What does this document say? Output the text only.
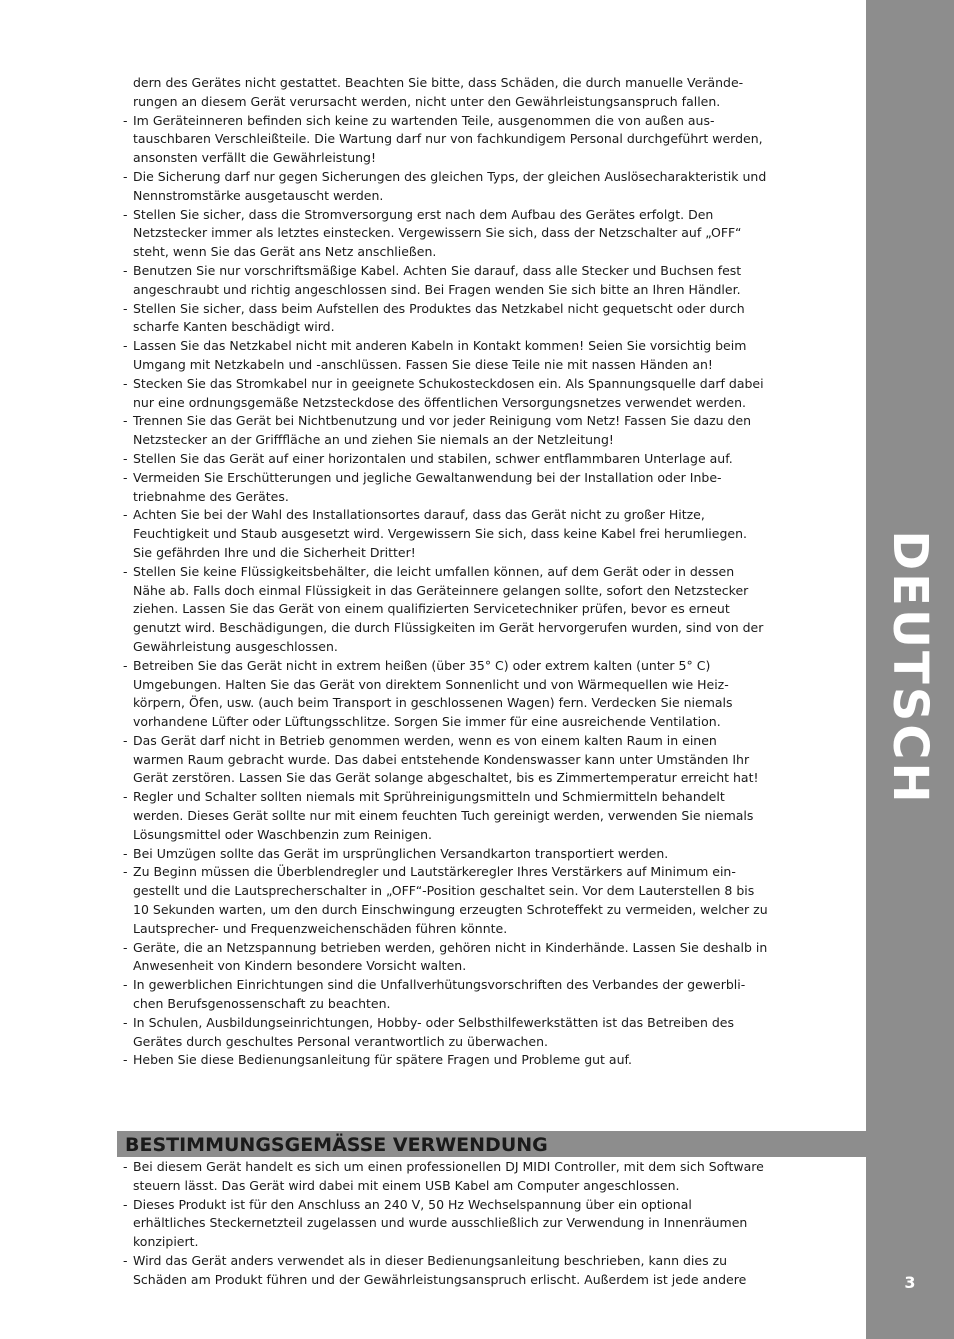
DEUTSCH
3
dern des Gerätes nicht gestattet. Beachten Sie bitte, dass Schäden, die durch manuelle Veränderungen an diesem Gerät verursacht werden, nicht unter den Gewährleistungsanspruch fallen.
- Im Geräteinneren befinden sich keine zu wartenden Teile, ausgenommen die von außen austauschbaren Verschleißteile. Die Wartung darf nur von fachkundigem Personal durchgeführt werden, ansonsten verfällt die Gewährleistung!
- Die Sicherung darf nur gegen Sicherungen des gleichen Typs, der gleichen Auslösecharakteristik und Nennstromstärke ausgetauscht werden.
- Stellen Sie sicher, dass die Stromversorgung erst nach dem Aufbau des Gerätes erfolgt. Den Netzstecker immer als letztes einstecken. Vergewissern Sie sich, dass der Netzschalter auf „OFF“ steht, wenn Sie das Gerät ans Netz anschließen.
- Benutzen Sie nur vorschriftsmäßige Kabel. Achten Sie darauf, dass alle Stecker und Buchsen fest angeschraubt und richtig angeschlossen sind. Bei Fragen wenden Sie sich bitte an Ihren Händler.
- Stellen Sie sicher, dass beim Aufstellen des Produktes das Netzkabel nicht gequetscht oder durch scharfe Kanten beschädigt wird.
- Lassen Sie das Netzkabel nicht mit anderen Kabeln in Kontakt kommen! Seien Sie vorsichtig beim Umgang mit Netzkabeln und -anschlüssen. Fassen Sie diese Teile nie mit nassen Händen an!
- Stecken Sie das Stromkabel nur in geeignete Schukosteckdosen ein. Als Spannungsquelle darf dabei nur eine ordnungsgemäße Netzsteckdose des öffentlichen Versorgungsnetzes verwendet werden.
- Trennen Sie das Gerät bei Nichtbenutzung und vor jeder Reinigung vom Netz! Fassen Sie dazu den Netzstecker an der Grifffläche an und ziehen Sie niemals an der Netzleitung!
- Stellen Sie das Gerät auf einer horizontalen und stabilen, schwer entflammbaren Unterlage auf.
- Vermeiden Sie Erschütterungen und jegliche Gewaltanwendung bei der Installation oder Inbetriebnahme des Gerätes.
- Achten Sie bei der Wahl des Installationsortes darauf, dass das Gerät nicht zu großer Hitze, Feuchtigkeit und Staub ausgesetzt wird. Vergewissern Sie sich, dass keine Kabel frei herumliegen. Sie gefährden Ihre und die Sicherheit Dritter!
- Stellen Sie keine Flüssigkeitsbehälter, die leicht umfallen können, auf dem Gerät oder in dessen Nähe ab. Falls doch einmal Flüssigkeit in das Geräteinnere gelangen sollte, sofort den Netzstecker ziehen. Lassen Sie das Gerät von einem qualifizierten Servicetechniker prüfen, bevor es erneut genutzt wird. Beschädigungen, die durch Flüssigkeiten im Gerät hervorgerufen wurden, sind von der Gewährleistung ausgeschlossen.
- Betreiben Sie das Gerät nicht in extrem heißen (über 35° C) oder extrem kalten (unter 5° C) Umgebungen. Halten Sie das Gerät von direktem Sonnenlicht und von Wärmequellen wie Heizkörpern, Öfen, usw. (auch beim Transport in geschlossenen Wagen) fern. Verdecken Sie niemals vorhandene Lüfter oder Lüftungsschlitze. Sorgen Sie immer für eine ausreichende Ventilation.
- Das Gerät darf nicht in Betrieb genommen werden, wenn es von einem kalten Raum in einen warmen Raum gebracht wurde. Das dabei entstehende Kondenswasser kann unter Umständen Ihr Gerät zerstören. Lassen Sie das Gerät solange abgeschaltet, bis es Zimmertemperatur erreicht hat!
- Regler und Schalter sollten niemals mit Sprühreinigungsmitteln und Schmiermitteln behandelt werden. Dieses Gerät sollte nur mit einem feuchten Tuch gereinigt werden, verwenden Sie niemals Lösungsmittel oder Waschbenzin zum Reinigen.
- Bei Umzügen sollte das Gerät im ursprünglichen Versandkarton transportiert werden.
- Zu Beginn müssen die Überblendregler und Lautstärkeregler Ihres Verstärkers auf Minimum eingestellt und die Lautsprecherschalter in „OFF“-Position geschaltet sein. Vor dem Lauterstellen 8 bis 10 Sekunden warten, um den durch Einschwingung erzeugten Schroteffekt zu vermeiden, welcher zu Lautsprecher- und Frequenzweichenschäden führen könnte.
- Geräte, die an Netzspannung betrieben werden, gehören nicht in Kinderhände. Lassen Sie deshalb in Anwesenheit von Kindern besondere Vorsicht walten.
- In gewerblichen Einrichtungen sind die Unfallverhütungsvorschriften des Verbandes der gewerblichen Berufsgenossenschaft zu beachten.
- In Schulen, Ausbildungseinrichtungen, Hobby- oder Selbsthilfewerkstätten ist das Betreiben des Gerätes durch geschultes Personal verantwortlich zu überwachen.
- Heben Sie diese Bedienungsanleitung für spätere Fragen und Probleme gut auf.
BESTIMMUNGSGEMÄSSE VERWENDUNG
- Bei diesem Gerät handelt es sich um einen professionellen DJ MIDI Controller, mit dem sich Software steuern lässt. Das Gerät wird dabei mit einem USB Kabel am Computer angeschlossen.
- Dieses Produkt ist für den Anschluss an 240 V, 50 Hz Wechselspannung über ein optional erhältliches Steckernetzteil zugelassen und wurde ausschließlich zur Verwendung in Innenräumen konzipiert.
- Wird das Gerät anders verwendet als in dieser Bedienungsanleitung beschrieben, kann dies zu Schäden am Produkt führen und der Gewährleistungsanspruch erlischt. Außerdem ist jede andere
